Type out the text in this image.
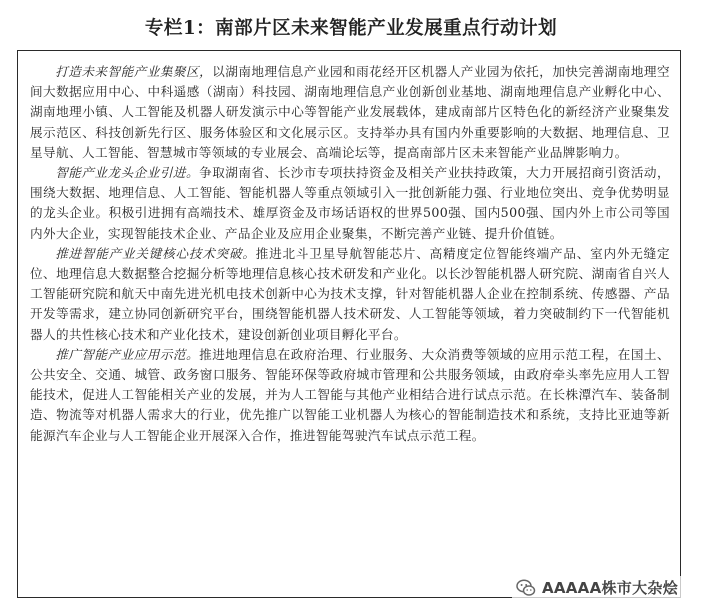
专栏1：南部片区未来智能产业发展重点行动计划

打造未来智能产业集聚区，以湖南地理信息产业园和雨花经开区机器人产业园为依托，加快完善湖南地理空间大数据应用中心、中科遥感（湖南）科技园、湖南地理信息产业创新创业基地、湖南地理信息产业孵化中心、湖南地理小镇、人工智能及机器人研发演示中心等智能产业发展载体，建成南部片区特色化的新经济产业聚集发展示范区、科技创新先行区、服务体验区和文化展示区。支持举办具有国内外重要影响的大数据、地理信息、卫星导航、人工智能、智慧城市等领域的专业展会、高端论坛等，提高南部片区未来智能产业品牌影响力。

智能产业龙头企业引进。争取湖南省、长沙市专项扶持资金及相关产业扶持政策，大力开展招商引资活动，围绕大数据、地理信息、人工智能、智能机器人等重点领域引入一批创新能力强、行业地位突出、竞争优势明显的龙头企业。积极引进拥有高端技术、雄厚资金及市场话语权的世界500强、国内500强、国内外上市公司等国内外大企业，实现智能技术企业、产品企业及应用企业聚集，不断完善产业链、提升价值链。

推进智能产业关键核心技术突破。推进北斗卫星导航智能芯片、高精度定位智能终端产品、室内外无缝定位、地理信息大数据整合挖掘分析等地理信息核心技术研发和产业化。以长沙智能机器人研究院、湖南省自兴人工智能研究院和航天中南先进光机电技术创新中心为技术支撑，针对智能机器人企业在控制系统、传感器、产品开发等需求，建立协同创新研究平台，围绕智能机器人技术研发、人工智能等领域，着力突破制约下一代智能机器人的共性核心技术和产业化技术，建设创新创业项目孵化平台。

推广智能产业应用示范。推进地理信息在政府治理、行业服务、大众消费等领域的应用示范工程，在国土、公共安全、交通、城管、政务窗口服务、智能环保等政府城市管理和公共服务领域，由政府牵头率先应用人工智能技术，促进人工智能相关产业的发展，并为人工智能与其他产业相结合进行试点示范。在长株潭汽车、装备制造、物流等对机器人需求大的行业，优先推广以智能工业机器人为核心的智能制造技术和系统，支持比亚迪等新能源汽车企业与人工智能企业开展深入合作，推进智能驾驶汽车试点示范工程。

AAAAA株市大杂烩
